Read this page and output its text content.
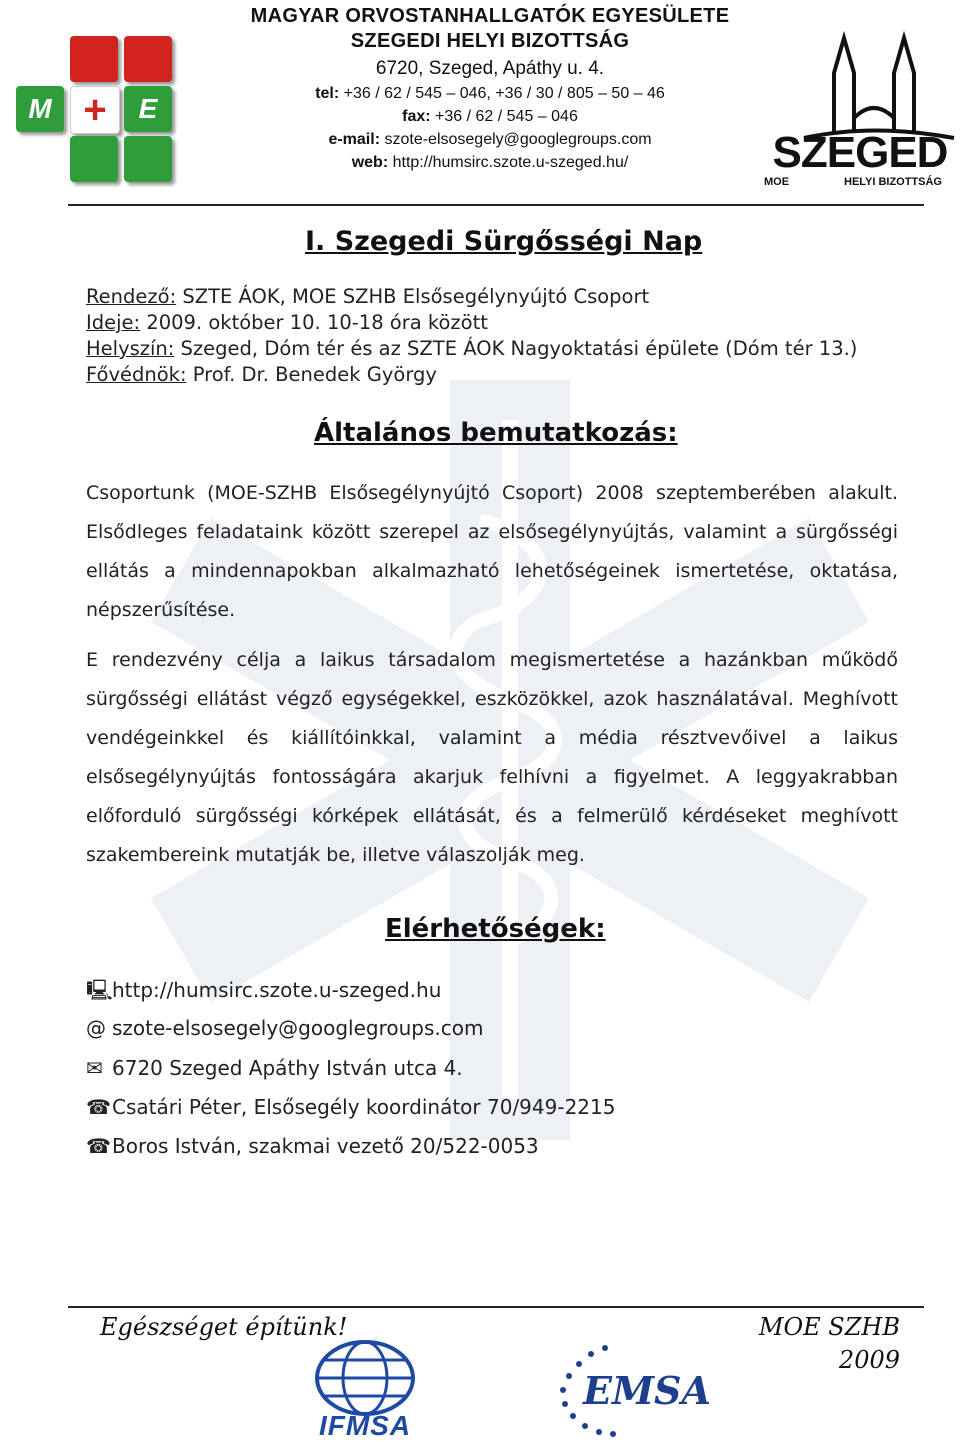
M +	E
MAGYAR ORVOSTANHALLGATÓK EGYESÜLETE
SZEGEDI HELYI BIZOTTSÁG
6720, Szeged, Apáthy u. 4.
tel: +36 / 62 / 545 – 046, +36 / 30 / 805 – 50 – 46
fax: +36 / 62 / 545 – 046
e-mail: szote-elsosegely@googlegroups.com
web: http://humsirc.szote.u-szeged.hu/	SZEGED
MOE	HELYI BIZOTTSÁG
I. Szegedi Sürgősségi Nap
Rendező: SZTE ÁOK, MOE SZHB Elsősegélynyújtó Csoport
Ideje: 2009. október 10. 10-18 óra között
Helyszín: Szeged, Dóm tér és az SZTE ÁOK Nagyoktatási épülete (Dóm tér 13.)
Fővédnök: Prof. Dr. Benedek György
Általános bemutatkozás:

Csoportunk (MOE-SZHB Elsősegélynyújtó Csoport) 2008 szeptemberében alakult. Elsődleges feladataink között szerepel az elsősegélynyújtás, valamint a sürgősségi ellátás a mindennapokban alkalmazható lehetőségeinek ismertetése, oktatása, népszerűsítése.

E rendezvény célja a laikus társadalom megismertetése a hazánkban működő sürgősségi ellátást végző egységekkel, eszközökkel, azok használatával. Meghívott vendégeinkkel és kiállítóinkkal, valamint a média résztvevőivel a laikus elsősegélynyújtás fontosságára akarjuk felhívni a figyelmet. A leggyakrabban előforduló sürgősségi kórképek ellátását, és a felmerülő kérdéseket meghívott szakembereink mutatják be, illetve válaszolják meg.

Elérhetőségek:
🖳http://humsirc.szote.u-szeged.hu
@ szote-elsosegely@googlegroups.com
✉ 6720 Szeged Apáthy István utca 4.
☎Csatári Péter, Elsősegély koordinátor 70/949-2215
☎Boros István, szakmai vezető 20/522-0053
Egészséget építünk!	MOE SZHB
2009
IFMSA
EMSA
